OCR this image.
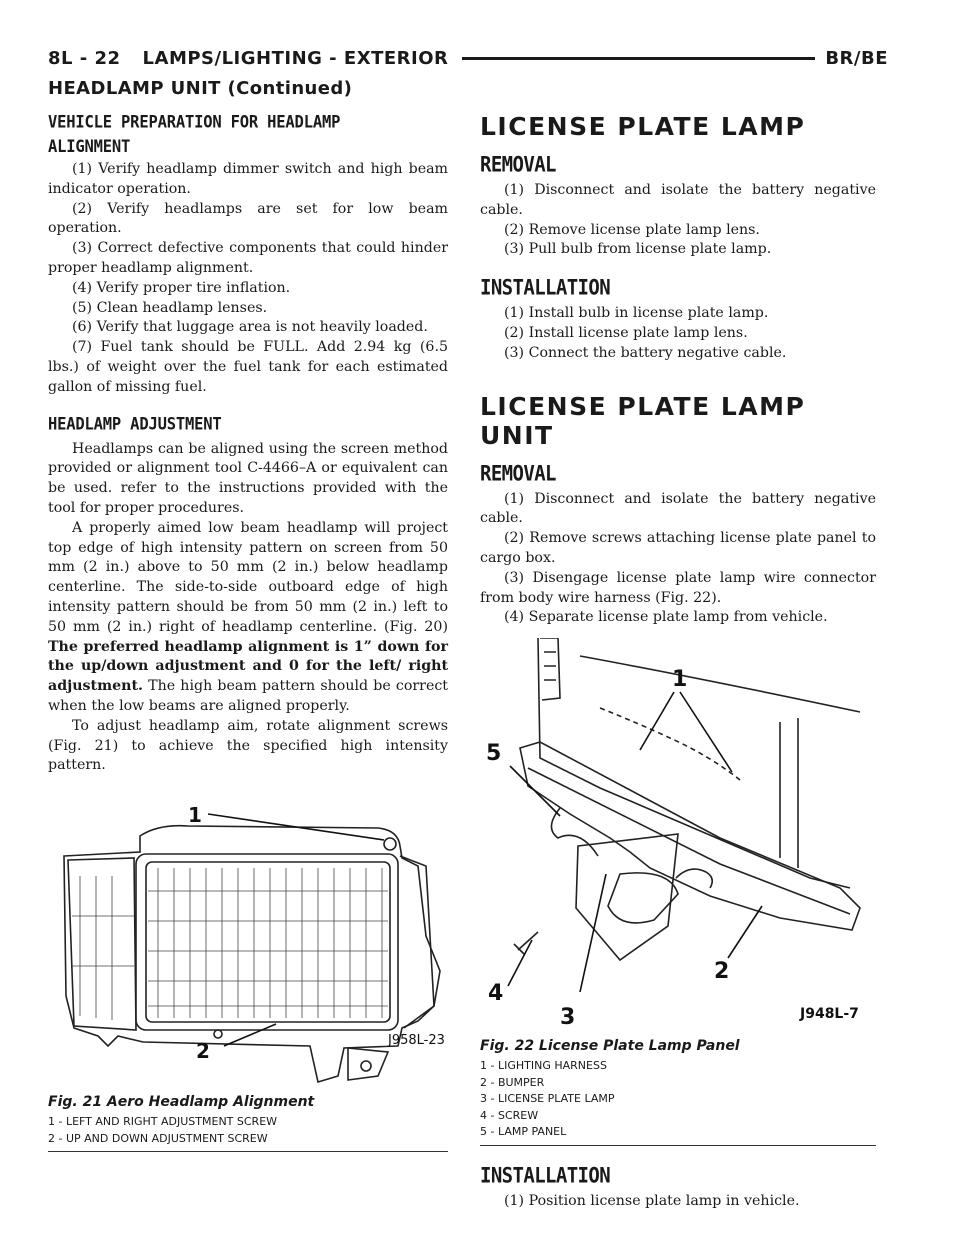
8L - 22 LAMPS/LIGHTING - EXTERIOR	BR/BE
HEADLAMP UNIT (Continued)
VEHICLE PREPARATION FOR HEADLAMP
ALIGNMENT

(1) Verify headlamp dimmer switch and high beam indicator operation.

(2) Verify headlamps are set for low beam operation.

(3) Correct defective components that could hinder proper headlamp alignment.

(4) Verify proper tire inflation.

(5) Clean headlamp lenses.

(6) Verify that luggage area is not heavily loaded.

(7) Fuel tank should be FULL. Add 2.94 kg (6.5 lbs.) of weight over the fuel tank for each estimated gallon of missing fuel.

HEADLAMP ADJUSTMENT

Headlamps can be aligned using the screen method provided or alignment tool C-4466–A or equivalent can be used. refer to the instructions provided with the tool for proper procedures.

A properly aimed low beam headlamp will project top edge of high intensity pattern on screen from 50 mm (2 in.) above to 50 mm (2 in.) below headlamp centerline. The side-to-side outboard edge of high intensity pattern should be from 50 mm (2 in.) left to 50 mm (2 in.) right of headlamp centerline. (Fig. 20) The preferred headlamp alignment is 1” down for the up/down adjustment and 0 for the left/ right adjustment. The high beam pattern should be correct when the low beams are aligned properly.

To adjust headlamp aim, rotate alignment screws (Fig. 21) to achieve the specified high intensity pattern.

1
2	J958L-23
Fig. 21 Aero Headlamp Alignment
1 - LEFT AND RIGHT ADJUSTMENT SCREW
2 - UP AND DOWN ADJUSTMENT SCREW
LICENSE PLATE LAMP
REMOVAL

(1) Disconnect and isolate the battery negative cable.

(2) Remove license plate lamp lens.

(3) Pull bulb from license plate lamp.

INSTALLATION

(1) Install bulb in license plate lamp.

(2) Install license plate lamp lens.

(3) Connect the battery negative cable.

LICENSE PLATE LAMP UNIT
REMOVAL

(1) Disconnect and isolate the battery negative cable.

(2) Remove screws attaching license plate panel to cargo box.

(3) Disengage license plate lamp wire connector from body wire harness (Fig. 22).

(4) Separate license plate lamp from vehicle.

1
5
4
3
2
J948L-7
Fig. 22 License Plate Lamp Panel
1 - LIGHTING HARNESS
2 - BUMPER
3 - LICENSE PLATE LAMP
4 - SCREW
5 - LAMP PANEL
INSTALLATION

(1) Position license plate lamp in vehicle.
